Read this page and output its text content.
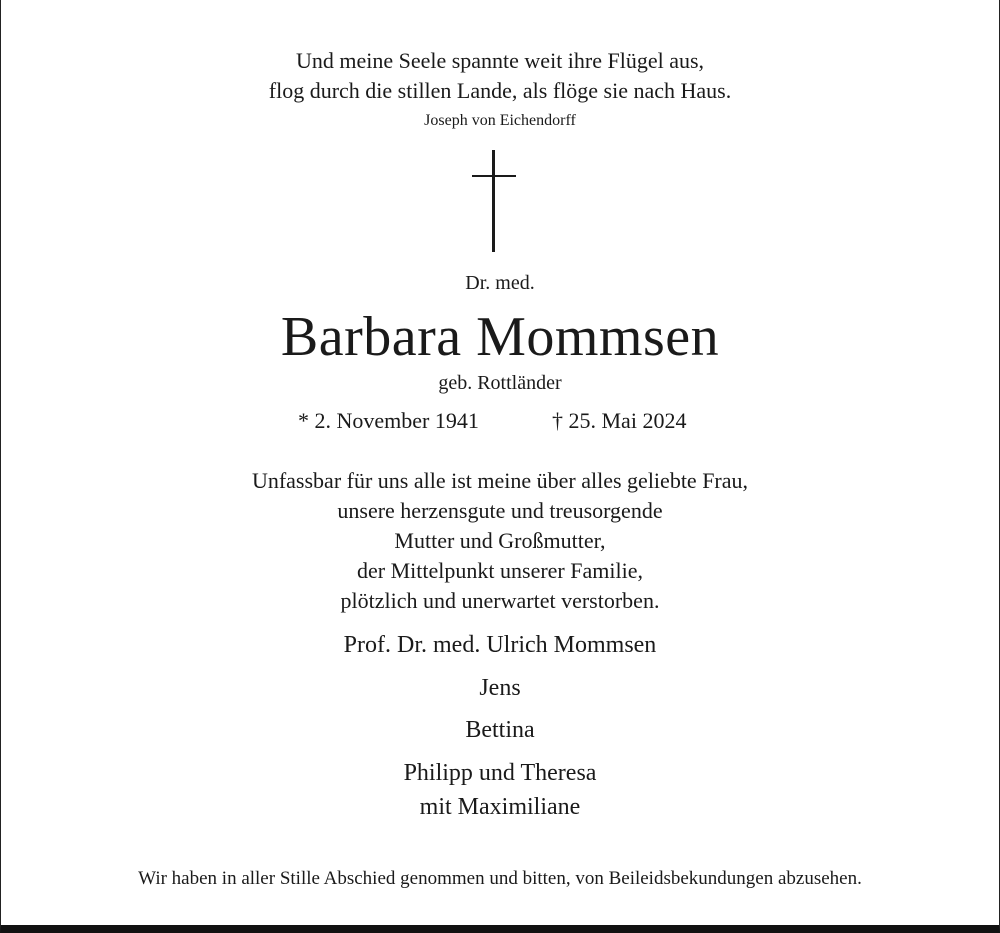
Und meine Seele spannte weit ihre Flügel aus,
flog durch die stillen Lande, als flöge sie nach Haus.
Joseph von Eichendorff
Dr. med.
Barbara Mommsen
geb. Rottländer
* 2. November 1941	† 25. Mai 2024
Unfassbar für uns alle ist meine über alles geliebte Frau,
unsere herzensgute und treusorgende
Mutter und Großmutter,
der Mittelpunkt unserer Familie,
plötzlich und unerwartet verstorben.
Prof. Dr. med. Ulrich Mommsen
Jens
Bettina
Philipp und Theresa
mit Maximiliane
Wir haben in aller Stille Abschied genommen und bitten, von Beileidsbekundungen abzusehen.
